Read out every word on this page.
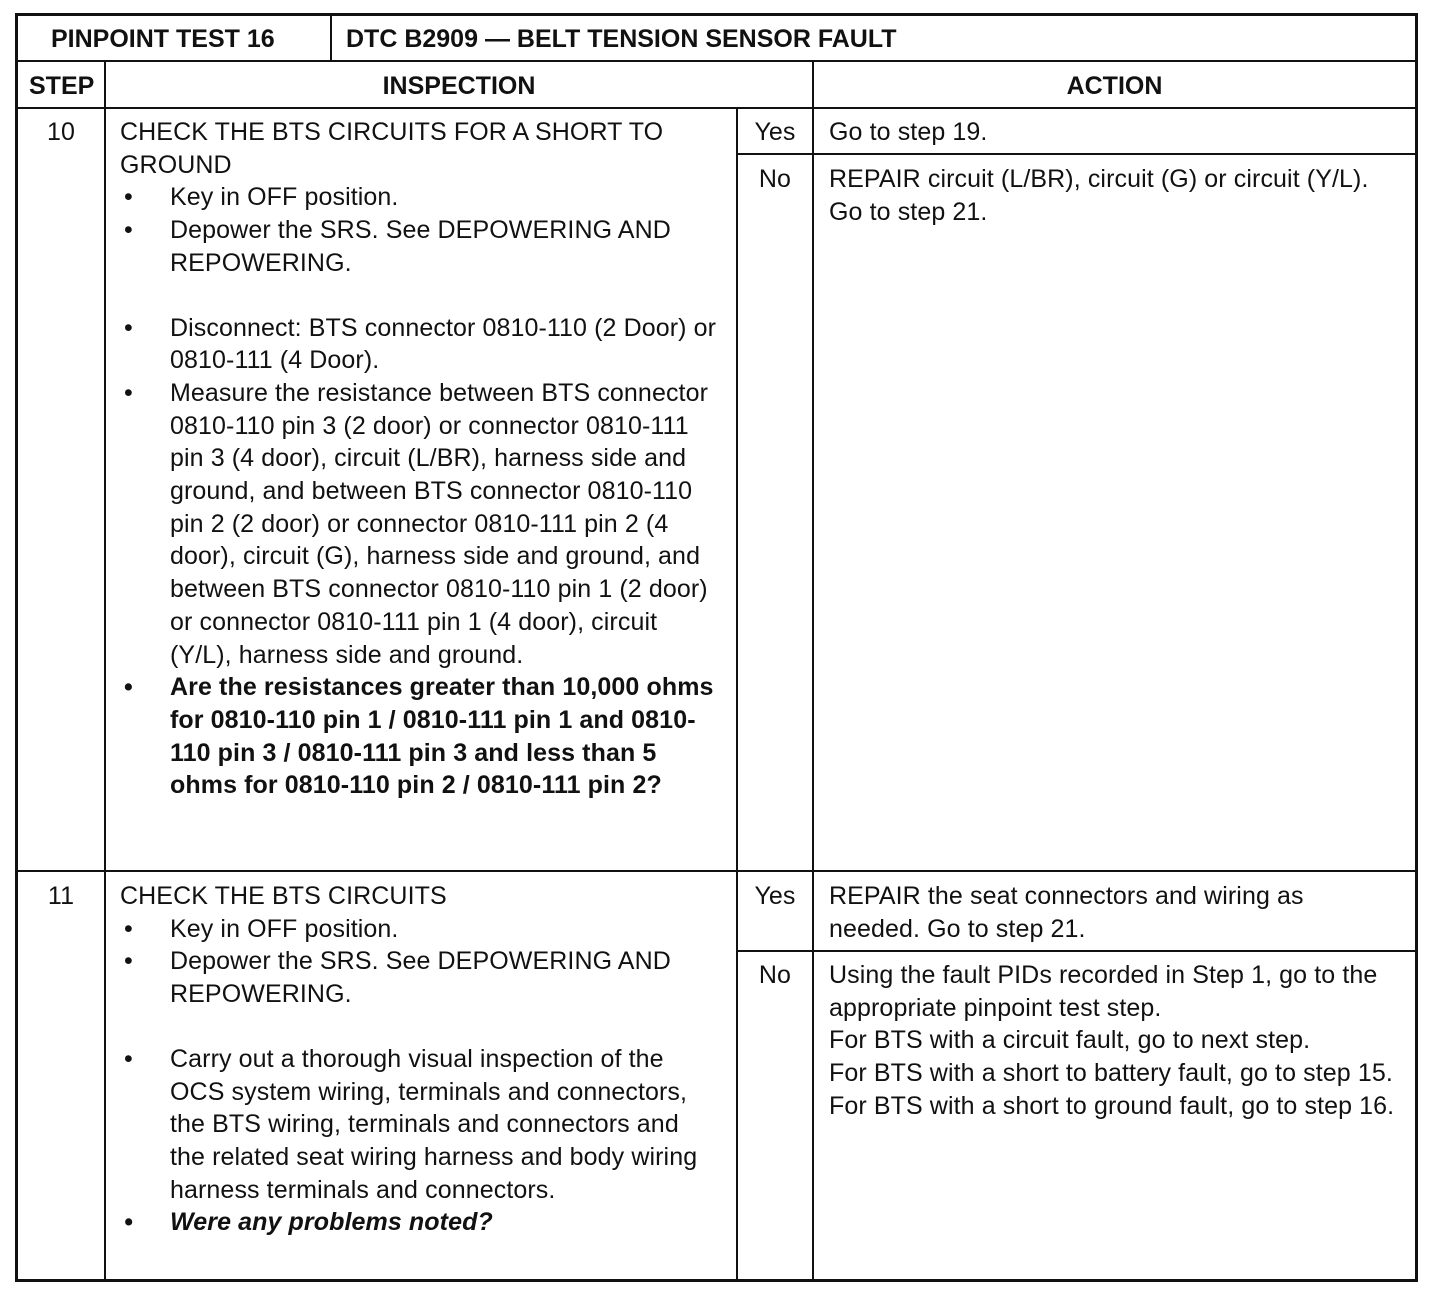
PINPOINT TEST 16	DTC B2909 — BELT TENSION SENSOR FAULT
STEP	INSPECTION	ACTION
10	CHECK THE BTS CIRCUITS FOR A SHORT TO GROUND
• Key in OFF position.
• Depower the SRS. See DEPOWERING AND REPOWERING.
• Disconnect: BTS connector 0810-110 (2 Door) or 0810-111 (4 Door).
• Measure the resistance between BTS connector 0810-110 pin 3 (2 door) or connector 0810-111 pin 3 (4 door), circuit (L/BR), harness side and ground, and between BTS connector 0810-110 pin 2 (2 door) or connector 0810-111 pin 2 (4 door), circuit (G), harness side and ground, and between BTS connector 0810-110 pin 1 (2 door) or connector 0810-111 pin 1 (4 door), circuit (Y/L), harness side and ground.
• Are the resistances greater than 10,000 ohms for 0810-110 pin 1 / 0810-111 pin 1 and 0810-110 pin 3 / 0810-111 pin 3 and less than 5 ohms for 0810-110 pin 2 / 0810-111 pin 2?
Yes	Go to step 19.
No	REPAIR circuit (L/BR), circuit (G) or circuit (Y/L). Go to step 21.
11	CHECK THE BTS CIRCUITS
• Key in OFF position.
• Depower the SRS. See DEPOWERING AND REPOWERING.
• Carry out a thorough visual inspection of the OCS system wiring, terminals and connectors, the BTS wiring, terminals and connectors and the related seat wiring harness and body wiring harness terminals and connectors.
• Were any problems noted?
Yes	REPAIR the seat connectors and wiring as needed. Go to step 21.
No	Using the fault PIDs recorded in Step 1, go to the appropriate pinpoint test step.
For BTS with a circuit fault, go to next step.
For BTS with a short to battery fault, go to step 15.
For BTS with a short to ground fault, go to step 16.
